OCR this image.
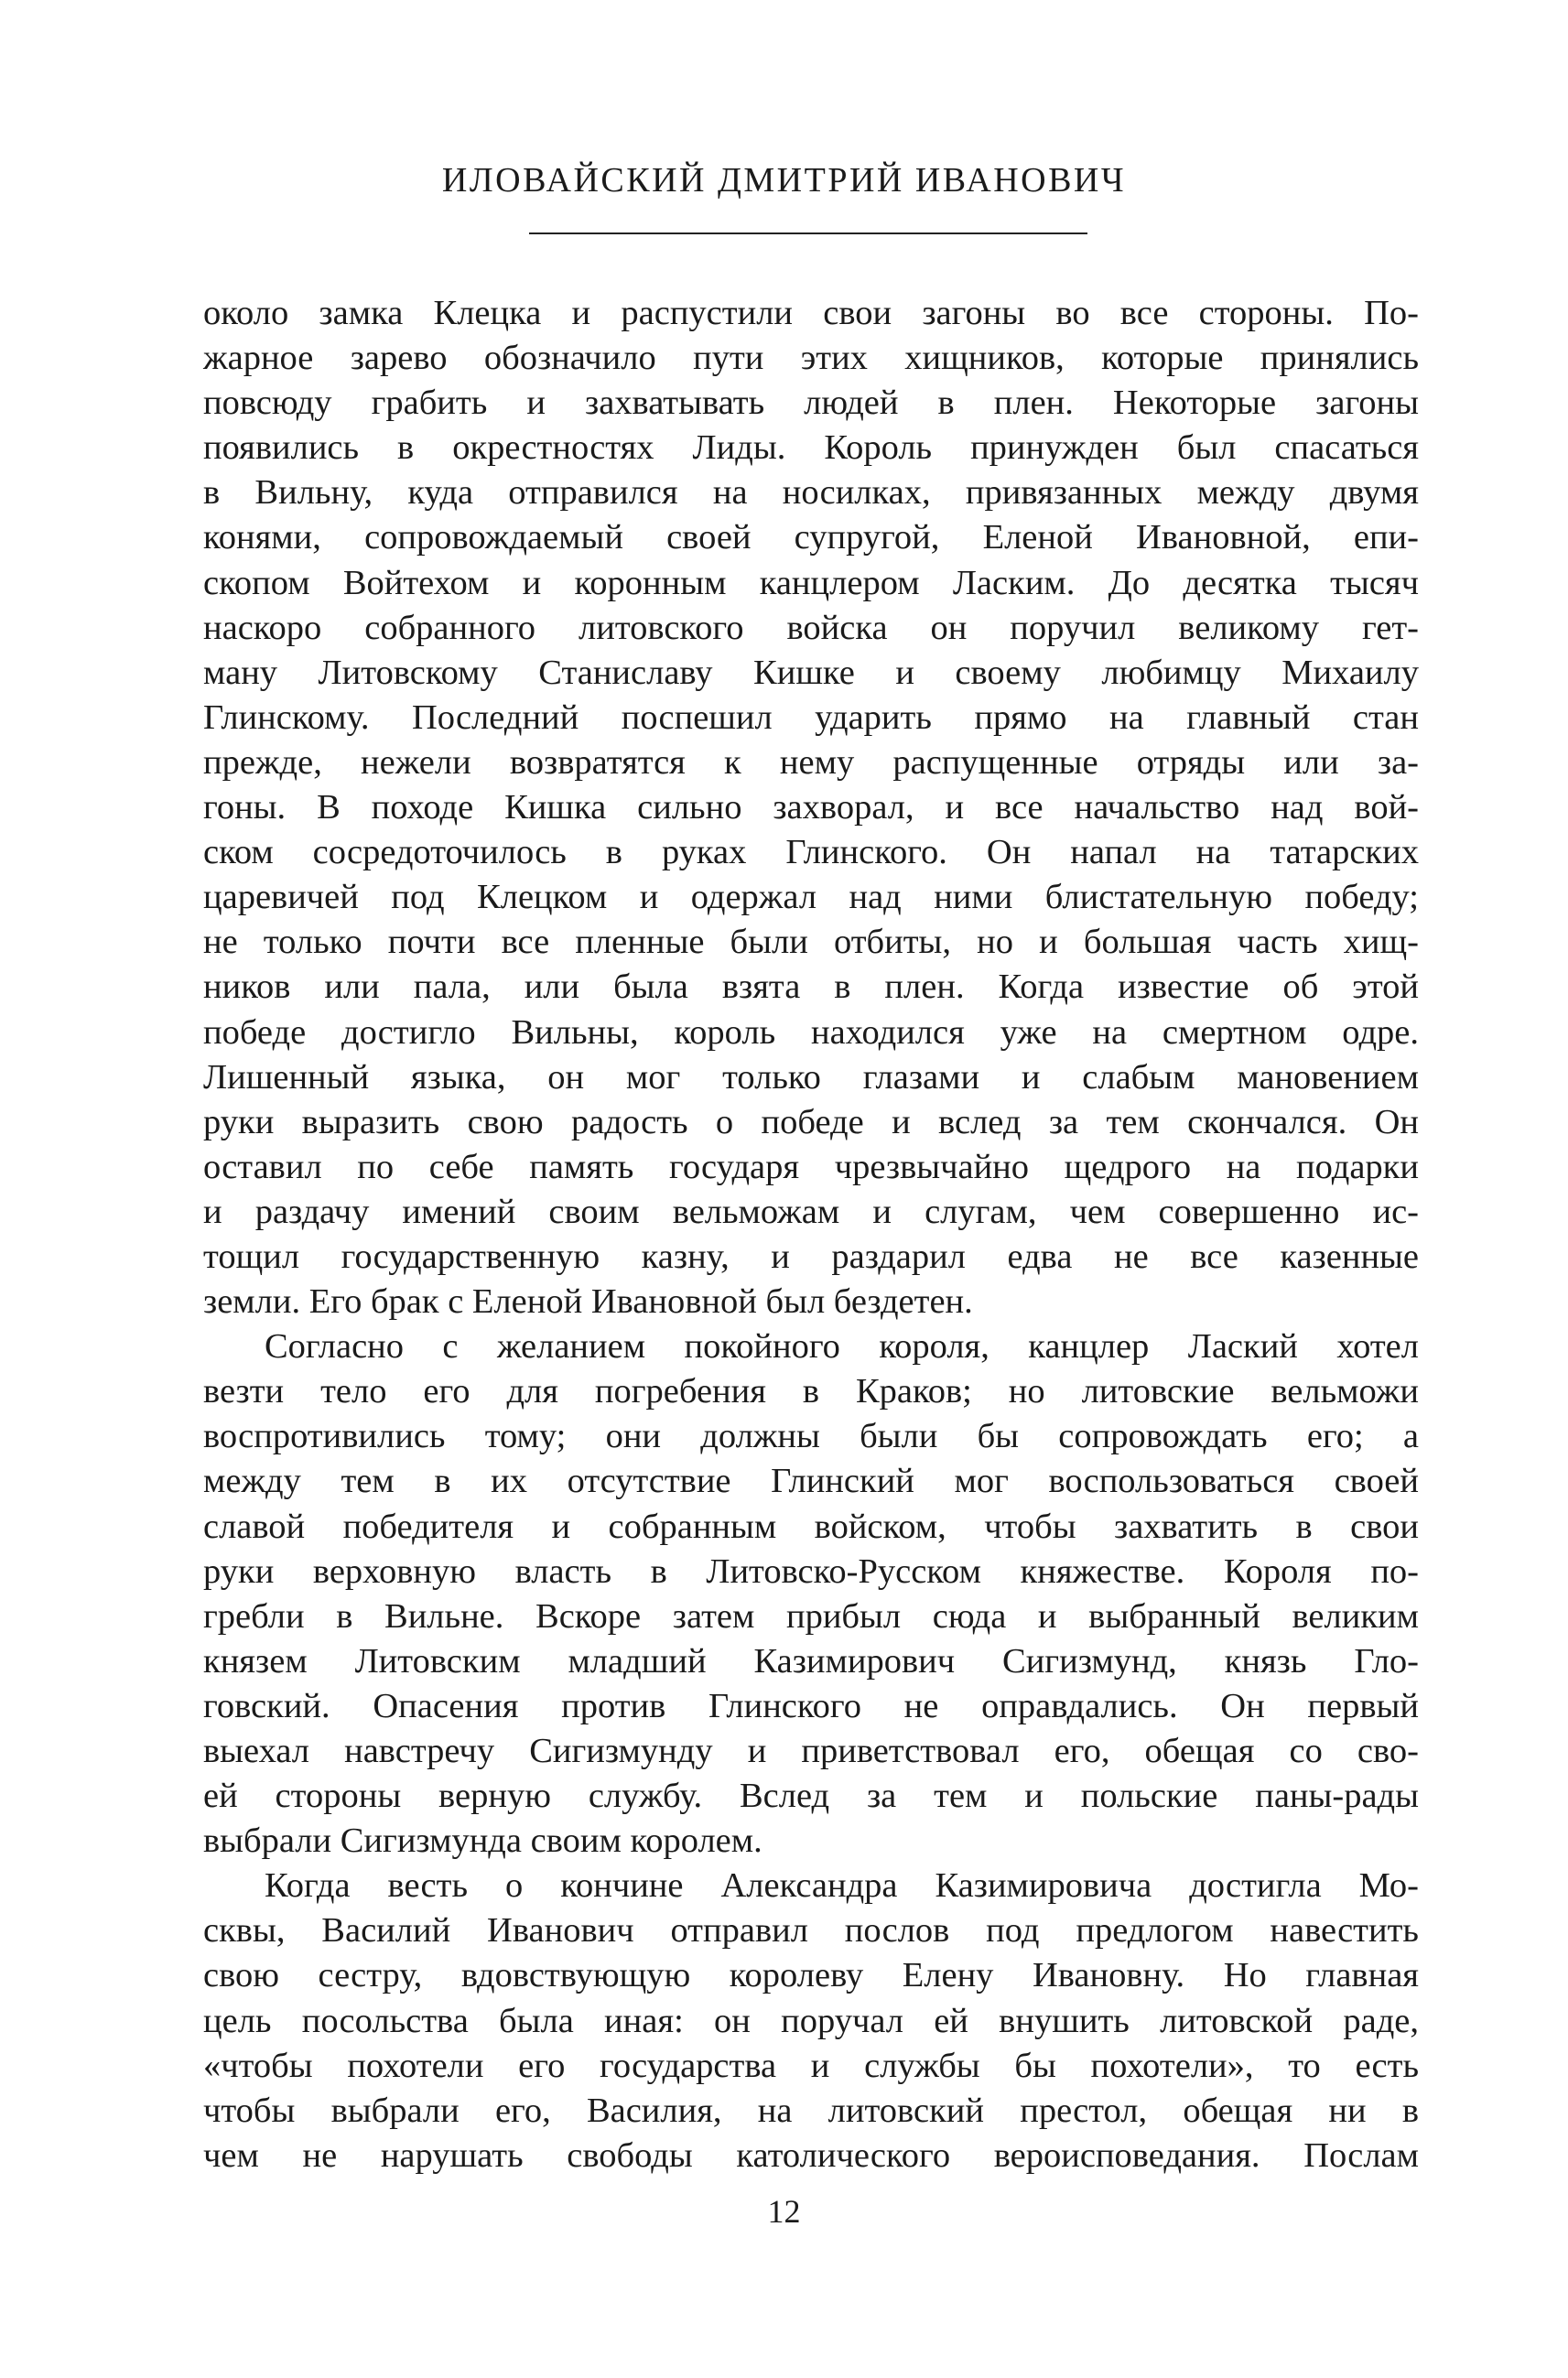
ИЛОВАЙСКИЙ ДМИТРИЙ ИВАНОВИЧ
около замка Клецка и распустили свои загоны во все стороны. По-
жарное зарево обозначило пути этих хищников, которые принялись
повсюду грабить и захватывать людей в плен. Некоторые загоны
появились в окрестностях Лиды. Король принужден был спасаться
в Вильну, куда отправился на носилках, привязанных между двумя
конями, сопровождаемый своей супругой, Еленой Ивановной, епи-
скопом Войтехом и коронным канцлером Ласким. До десятка тысяч
наскоро собранного литовского войска он поручил великому гет-
ману Литовскому Станиславу Кишке и своему любимцу Михаилу
Глинскому. Последний поспешил ударить прямо на главный стан
прежде, нежели возвратятся к нему распущенные отряды или за-
гоны. В походе Кишка сильно захворал, и все начальство над вой-
ском сосредоточилось в руках Глинского. Он напал на татарских
царевичей под Клецком и одержал над ними блистательную победу;
не только почти все пленные были отбиты, но и большая часть хищ-
ников или пала, или была взята в плен. Когда известие об этой
победе достигло Вильны, король находился уже на смертном одре.
Лишенный языка, он мог только глазами и слабым мановением
руки выразить свою радость о победе и вслед за тем скончался. Он
оставил по себе память государя чрезвычайно щедрого на подарки
и раздачу имений своим вельможам и слугам, чем совершенно ис-
тощил государственную казну, и раздарил едва не все казенные
земли. Его брак с Еленой Ивановной был бездетен.
Согласно с желанием покойного короля, канцлер Лаский хотел
везти тело его для погребения в Краков; но литовские вельможи
воспротивились тому; они должны были бы сопровождать его; а
между тем в их отсутствие Глинский мог воспользоваться своей
славой победителя и собранным войском, чтобы захватить в свои
руки верховную власть в Литовско-Русском княжестве. Короля по-
гребли в Вильне. Вскоре затем прибыл сюда и выбранный великим
князем Литовским младший Казимирович Сигизмунд, князь Гло-
говский. Опасения против Глинского не оправдались. Он первый
выехал навстречу Сигизмунду и приветствовал его, обещая со сво-
ей стороны верную службу. Вслед за тем и польские паны-рады
выбрали Сигизмунда своим королем.
Когда весть о кончине Александра Казимировича достигла Мо-
сквы, Василий Иванович отправил послов под предлогом навестить
свою сестру, вдовствующую королеву Елену Ивановну. Но главная
цель посольства была иная: он поручал ей внушить литовской раде,
«чтобы похотели его государства и службы бы похотели», то есть
чтобы выбрали его, Василия, на литовский престол, обещая ни в
чем не нарушать свободы католического вероисповедания. Послам
12
